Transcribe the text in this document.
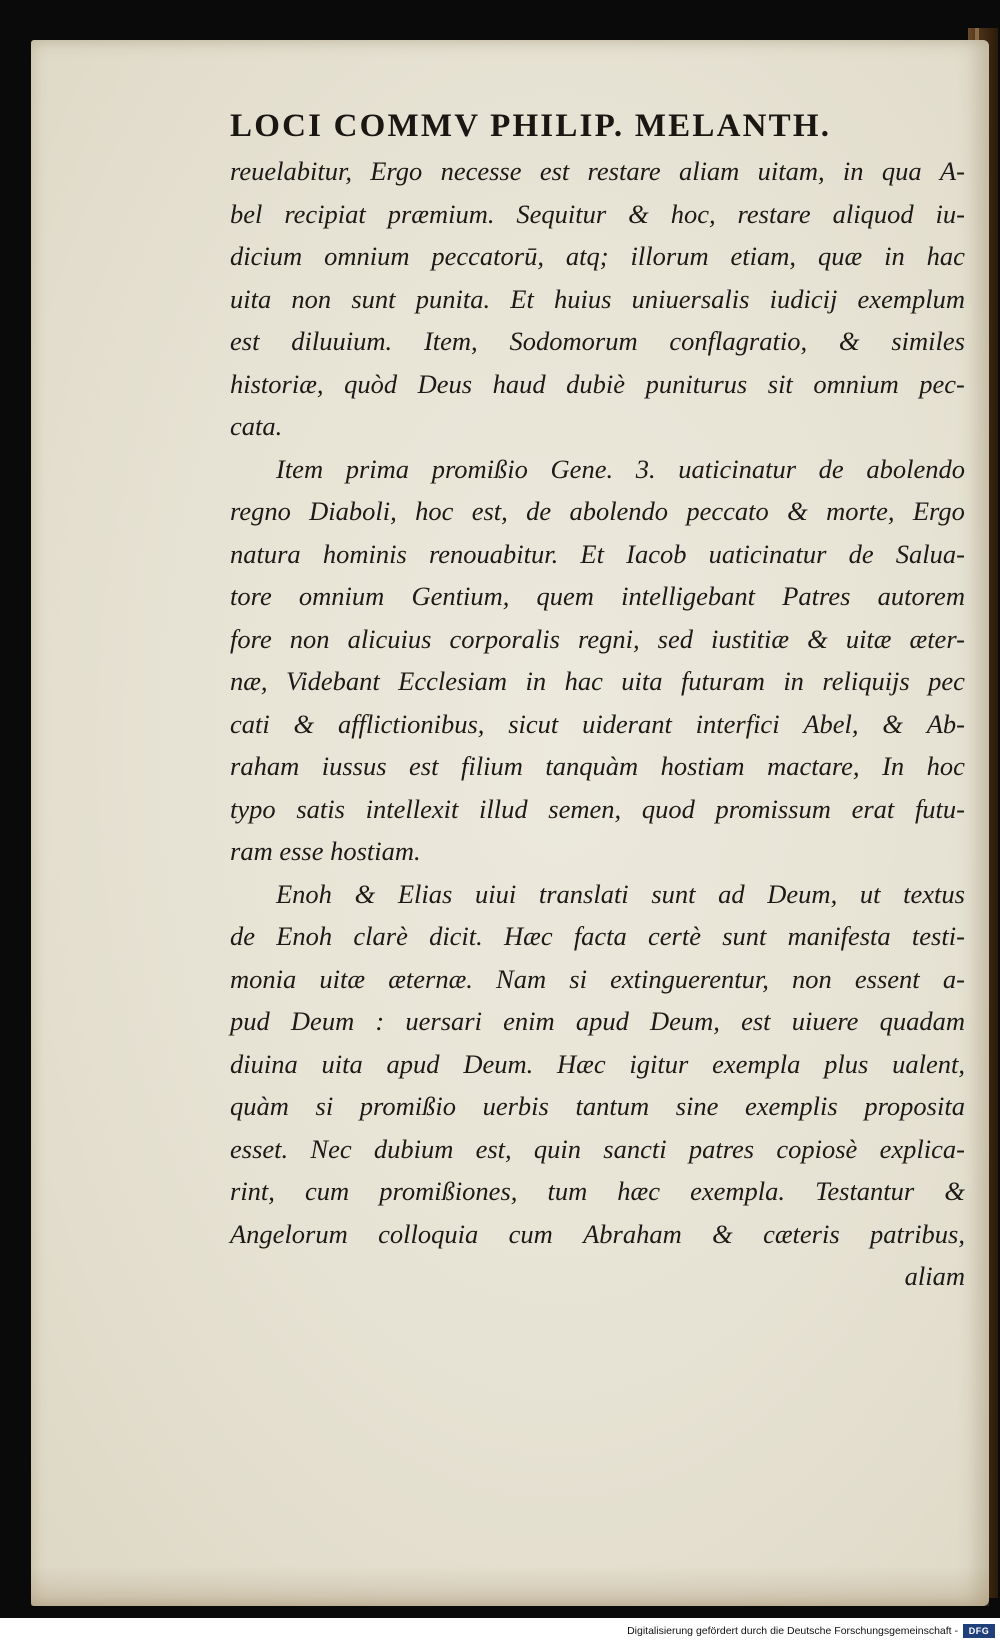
LOCI COMMV PHILIP. MELANTH.
reuelabitur, Ergo necesse est restare aliam uitam, in qua A-
bel recipiat præmium. Sequitur & hoc, restare aliquod iu-
dicium omnium peccatorū, atq; illorum etiam, quæ in hac
uita non sunt punita. Et huius uniuersalis iudicij exemplum
est diluuium. Item, Sodomorum conflagratio, & similes
historiæ, quòd Deus haud dubiè puniturus sit omnium pec-
cata.
Item prima promißio Gene. 3. uaticinatur de abolendo
regno Diaboli, hoc est, de abolendo peccato & morte, Ergo
natura hominis renouabitur. Et Iacob uaticinatur de Salua-
tore omnium Gentium, quem intelligebant Patres autorem
fore non alicuius corporalis regni, sed iustitiæ & uitæ æter-
næ, Videbant Ecclesiam in hac uita futuram in reliquijs pec
cati & afflictionibus, sicut uiderant interfici Abel, & Ab-
raham iussus est filium tanquàm hostiam mactare, In hoc
typo satis intellexit illud semen, quod promissum erat futu-
ram esse hostiam.
Enoh & Elias uiui translati sunt ad Deum, ut textus
de Enoh clarè dicit. Hæc facta certè sunt manifesta testi-
monia uitæ æternæ. Nam si extinguerentur, non essent a-
pud Deum : uersari enim apud Deum, est uiuere quadam
diuina uita apud Deum. Hæc igitur exempla plus ualent,
quàm si promißio uerbis tantum sine exemplis proposita
esset. Nec dubium est, quin sancti patres copiosè explica-
rint, cum promißiones, tum hæc exempla. Testantur &
Angelorum colloquia cum Abraham & cæteris patribus,
aliam
Digitalisierung gefördert durch die Deutsche Forschungsgemeinschaft -	DFG
